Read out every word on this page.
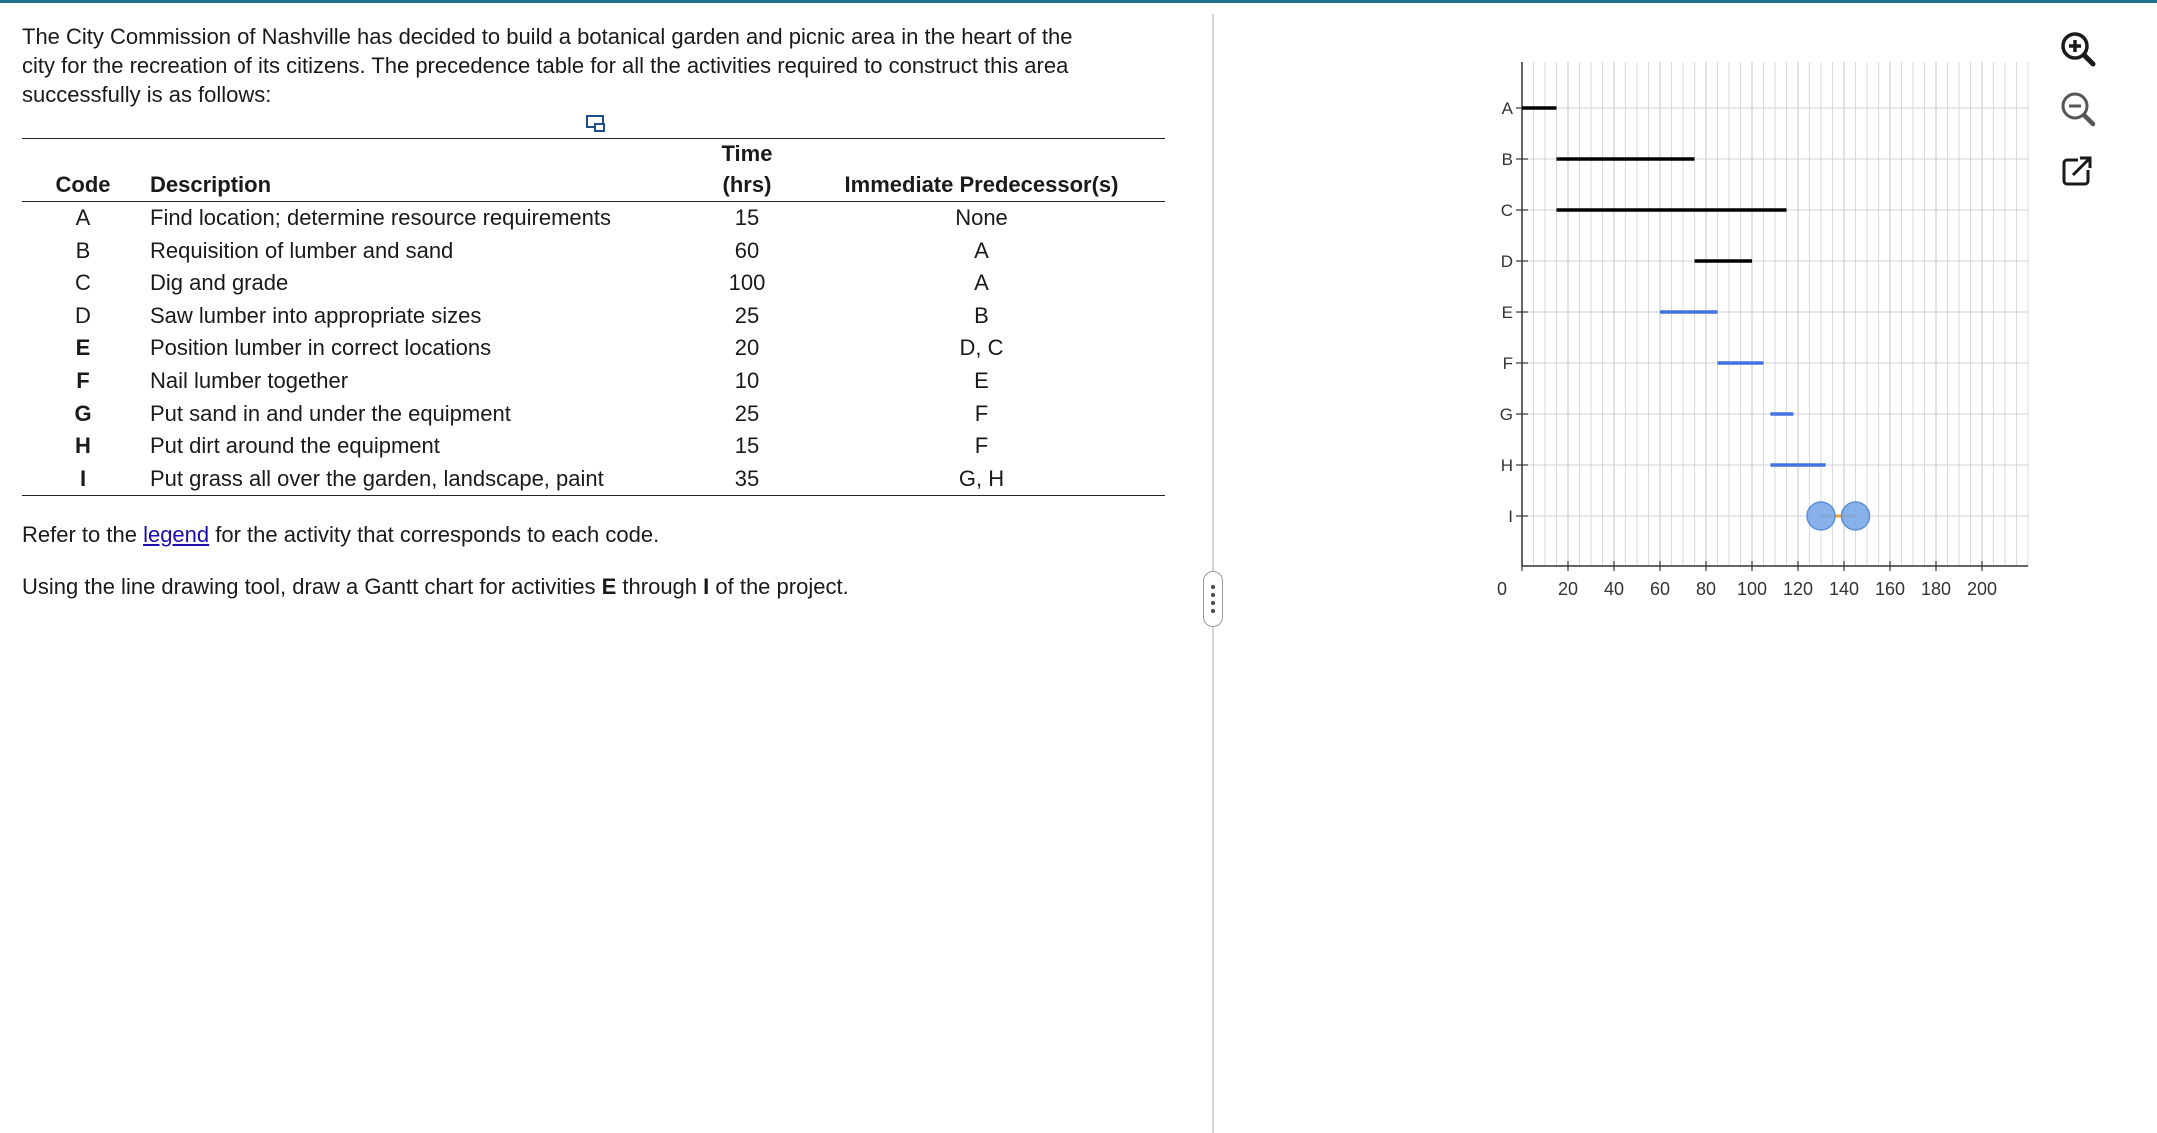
The City Commission of Nashville has decided to build a botanical garden and picnic area in the heart of the
city for the recreation of its citizens. The precedence table for all the activities required to construct this area
successfully is as follows:

		Time	
Code	Description	(hrs)	Immediate Predecessor(s)
A	Find location; determine resource requirements	15	None
B	Requisition of lumber and sand	60	A
C	Dig and grade	100	A
D	Saw lumber into appropriate sizes	25	B
E	Position lumber in correct locations	20	D, C
F	Nail lumber together	10	E
G	Put sand in and under the equipment	25	F
H	Put dirt around the equipment	15	F
I	Put grass all over the garden, landscape, paint	35	G, H
Refer to the legend for the activity that corresponds to each code.
Using the line drawing tool, draw a Gantt chart for activities E through I of the project.
A
B
C
D
E
F
G
H
I
0	20 40 60 80 100 120 140 160 180 200
